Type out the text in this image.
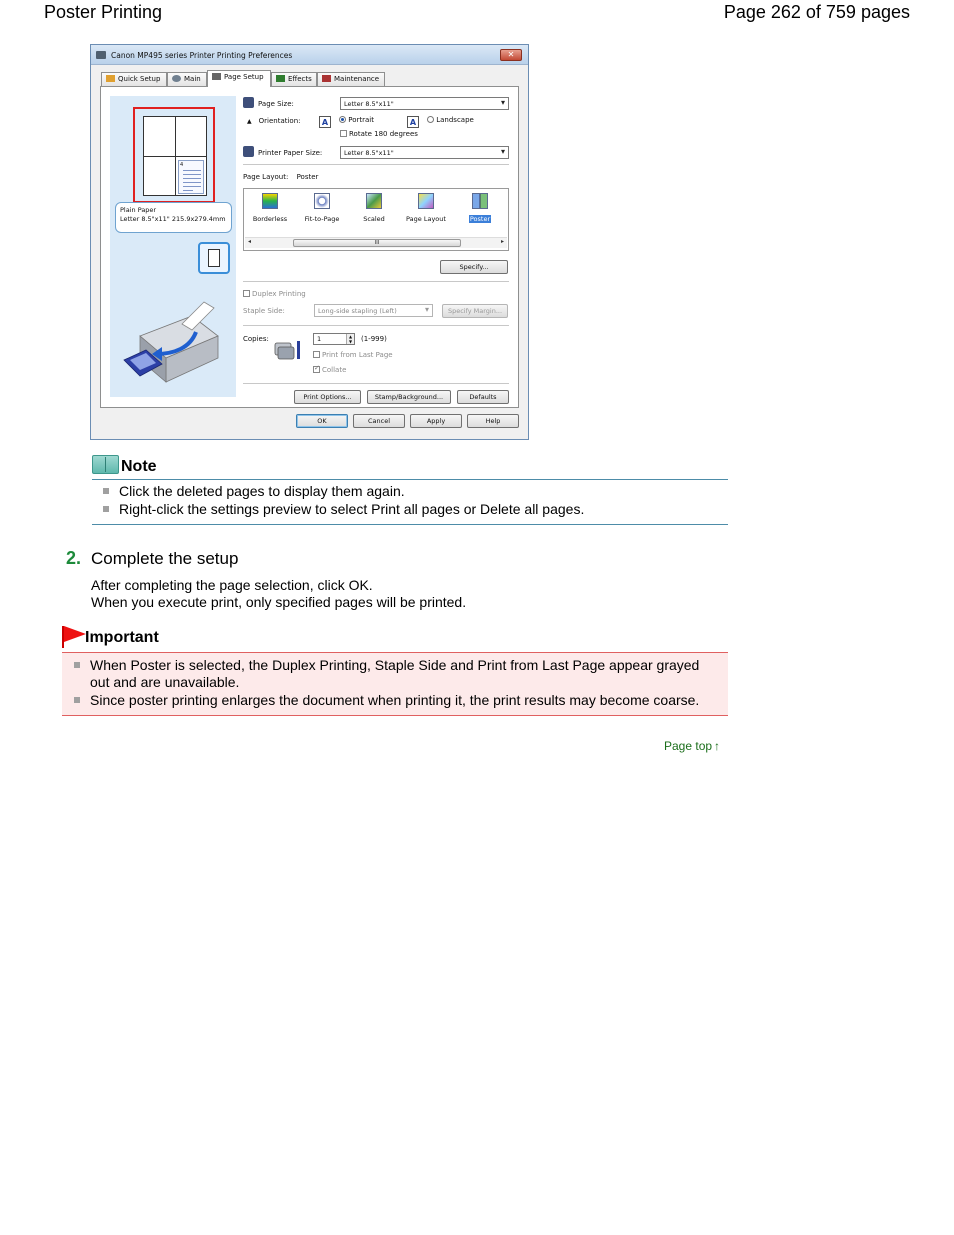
Poster Printing	Page 262 of 759 pages
Canon MP495 series Printer Printing Preferences	✕
Quick Setup	Main	Page Setup	Effects	Maintenance
4
Plain Paper
Letter 8.5"x11" 215.9x279.4mm
Page Size:	Letter 8.5"x11" ▾
▲ Orientation:	A	Portrait	A	Landscape
Rotate 180 degrees
Printer Paper Size:	Letter 8.5"x11" ▾
Page Layout: Poster
Borderless	Fit-to-Page	Scaled	Page Layout	Poster
◂	III	▸
Specify...
Duplex Printing
Staple Side:	Long-side stapling (Left) ▾	Specify Margin...
Copies:	1	▲
▼ (1-999)
Print from Last Page
✓Collate
Print Options...	Stamp/Background...	Defaults
OK	Cancel	Apply	Help
Note
Click the deleted pages to display them again.
Right-click the settings preview to select Print all pages or Delete all pages.
2. Complete the setup
After completing the page selection, click OK.
When you execute print, only specified pages will be printed.
Important
When Poster is selected, the Duplex Printing, Staple Side and Print from Last Page appear grayed out and are unavailable.
Since poster printing enlarges the document when printing it, the print results may become coarse.
Page top ↑
